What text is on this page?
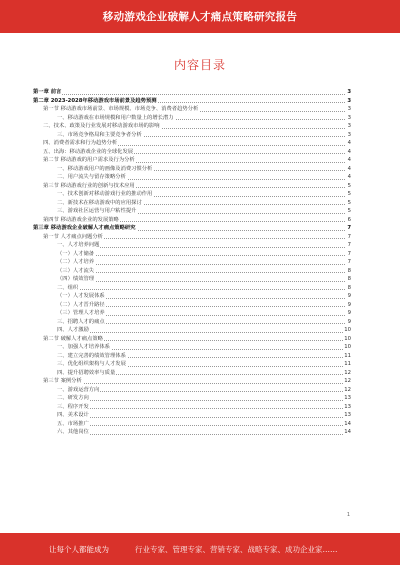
移动游戏企业破解人才痛点策略研究报告
内容目录
第一章 前言	3
第二章 2023-2028年移动游戏市场前景及趋势预测	3
第一节 移动游戏市场前景、市场规模、市场竞争、消费者趋势分析	3
一、移动游戏在市场规模和用户数量上的增长潜力	3
二、技术、政策及行业发展对移动游戏市场的影响	3
三、市场竞争格局和主要竞争者分析	3
四、消费者需求和行为趋势分析	4
五、出海：移动游戏企业的全球化发展	4
第二节 移动游戏的用户需求及行为分析	4
一、移动游戏用户的画像及消费习惯分析	4
二、用户流失与留存策略分析	4
第三节 移动游戏行业的创新与技术应用	5
一、技术创新对移动游戏行业的推动作用	5
二、新技术在移动游戏中的应用探讨	5
三、游戏社区运营与用户粘性提升	5
第四节 移动游戏企业的发展策略	6
第三章 移动游戏企业破解人才痛点策略研究	7
第一节 人才痛点问题分析	7
一、人才培养问题	7
（一）人才储备	7
（二）人才培养	7
（三）人才流失	8
（四）绩效管理	8
二、组织	8
（一）人才发展体系	9
（二）人才晋升路径	9
（三）管理人才培养	9
三、招聘人才的痛点	9
四、人才激励	10
第二节 破解人才痛点策略	10
一、加强人才培养体系	10
二、建立完善的绩效管理体系	11
三、优化组织架构与人才发展	11
四、提升招聘效率与质量	12
第三节 案例分析	12
一、游戏运营方向	12
二、研发方向	13
三、程序开发	13
四、美术设计	13
五、市场推广	14
六、其他岗位	14
1
让每个人都能成为	行业专家、管理专家、营销专家、战略专家、成功企业家……
